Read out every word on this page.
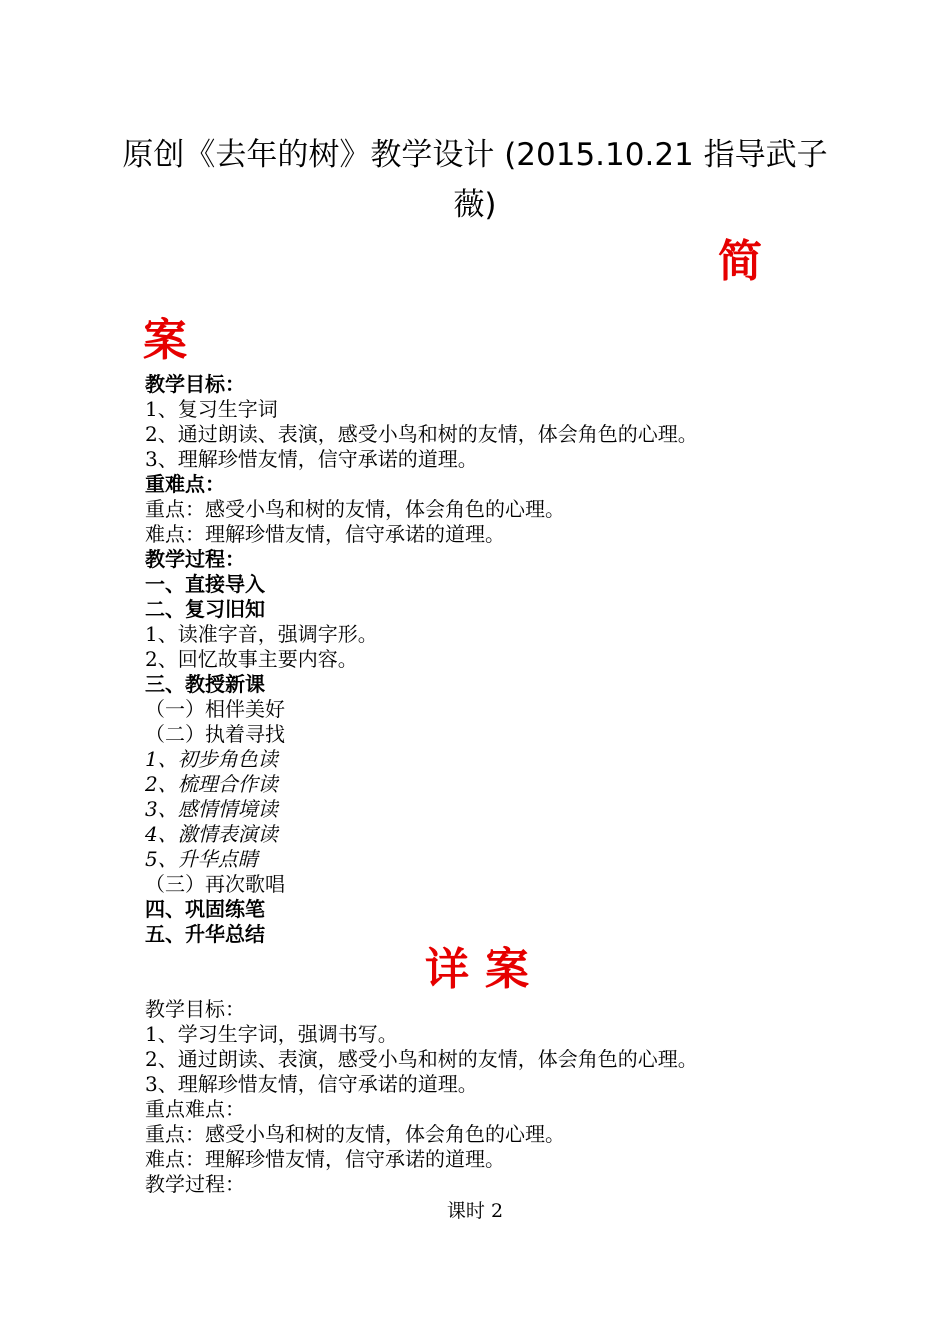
原创《去年的树》教学设计 (2015.10.21 指导武子薇)
简
案
教学目标：
1、复习生字词
2、通过朗读、表演，感受小鸟和树的友情，体会角色的心理。
3、理解珍惜友情，信守承诺的道理。
重难点：
重点：感受小鸟和树的友情，体会角色的心理。
难点：理解珍惜友情，信守承诺的道理。
教学过程：
一、直接导入
二、复习旧知
1、读准字音，强调字形。
2、回忆故事主要内容。
三、教授新课
（一）相伴美好
（二）执着寻找
1、初步角色读
2、梳理合作读
3、感情情境读
4、激情表演读
5、升华点睛
（三）再次歌唱
四、巩固练笔
五、升华总结
详案
教学目标：
1、学习生字词，强调书写。
2、通过朗读、表演，感受小鸟和树的友情，体会角色的心理。
3、理解珍惜友情，信守承诺的道理。
重点难点：
重点：感受小鸟和树的友情，体会角色的心理。
难点：理解珍惜友情，信守承诺的道理。
教学过程：
课时 2
